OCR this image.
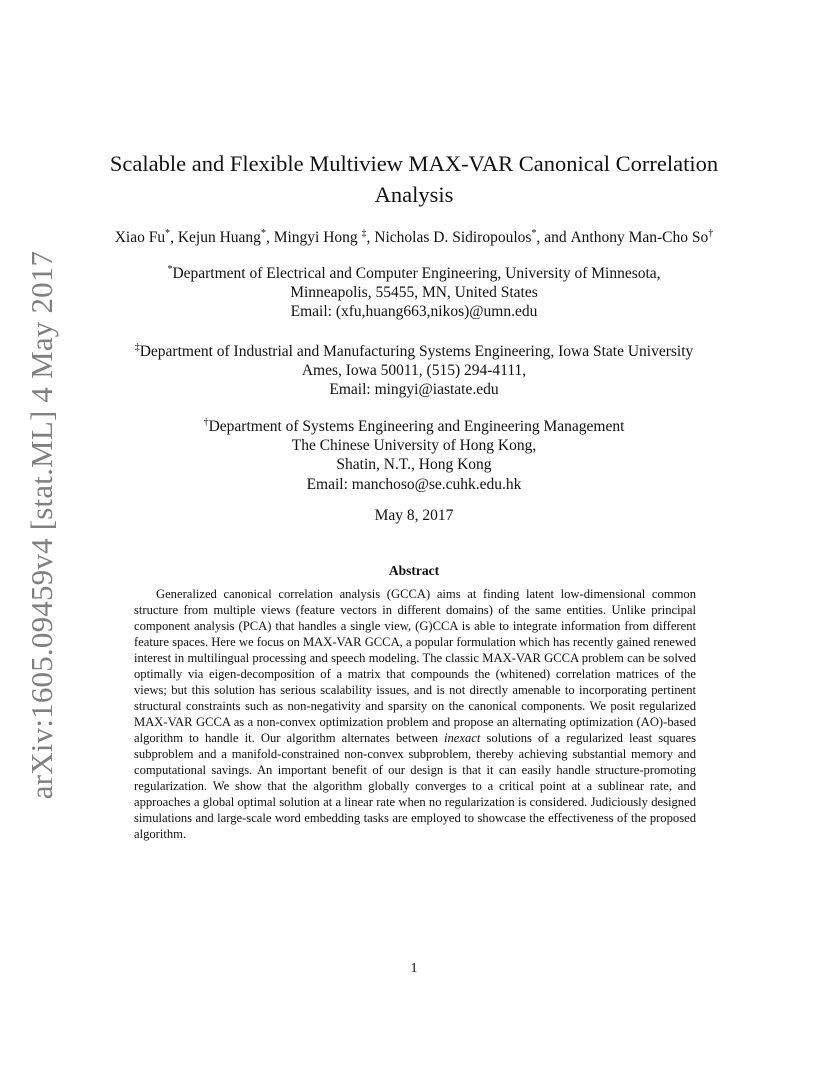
arXiv:1605.09459v4 [stat.ML] 4 May 2017
Scalable and Flexible Multiview MAX-VAR Canonical Correlation Analysis
Xiao Fu*, Kejun Huang*, Mingyi Hong ‡, Nicholas D. Sidiropoulos*, and Anthony Man-Cho So†
*Department of Electrical and Computer Engineering, University of Minnesota,
Minneapolis, 55455, MN, United States
Email: (xfu,huang663,nikos)@umn.edu
‡Department of Industrial and Manufacturing Systems Engineering, Iowa State University
Ames, Iowa 50011, (515) 294-4111,
Email: mingyi@iastate.edu
†Department of Systems Engineering and Engineering Management
The Chinese University of Hong Kong,
Shatin, N.T., Hong Kong
Email: manchoso@se.cuhk.edu.hk
May 8, 2017
Abstract

Generalized canonical correlation analysis (GCCA) aims at finding latent low-dimensional common structure from multiple views (feature vectors in different domains) of the same entities. Unlike principal component analysis (PCA) that handles a single view, (G)CCA is able to integrate information from different feature spaces. Here we focus on MAX-VAR GCCA, a popular formulation which has recently gained renewed interest in multilingual processing and speech modeling. The classic MAX-VAR GCCA problem can be solved optimally via eigen-decomposition of a matrix that compounds the (whitened) correlation matrices of the views; but this solution has serious scalability issues, and is not directly amenable to incorporating pertinent structural constraints such as non-negativity and sparsity on the canonical components. We posit regularized MAX-VAR GCCA as a non-convex optimization problem and propose an alternating optimization (AO)-based algorithm to handle it. Our algorithm alternates between inexact solutions of a regularized least squares subproblem and a manifold-constrained non-convex subproblem, thereby achieving substantial memory and computational savings. An important benefit of our design is that it can easily handle structure-promoting regularization. We show that the algorithm globally converges to a critical point at a sublinear rate, and approaches a global optimal solution at a linear rate when no regularization is considered. Judiciously designed simulations and large-scale word embedding tasks are employed to showcase the effectiveness of the proposed algorithm.

1
